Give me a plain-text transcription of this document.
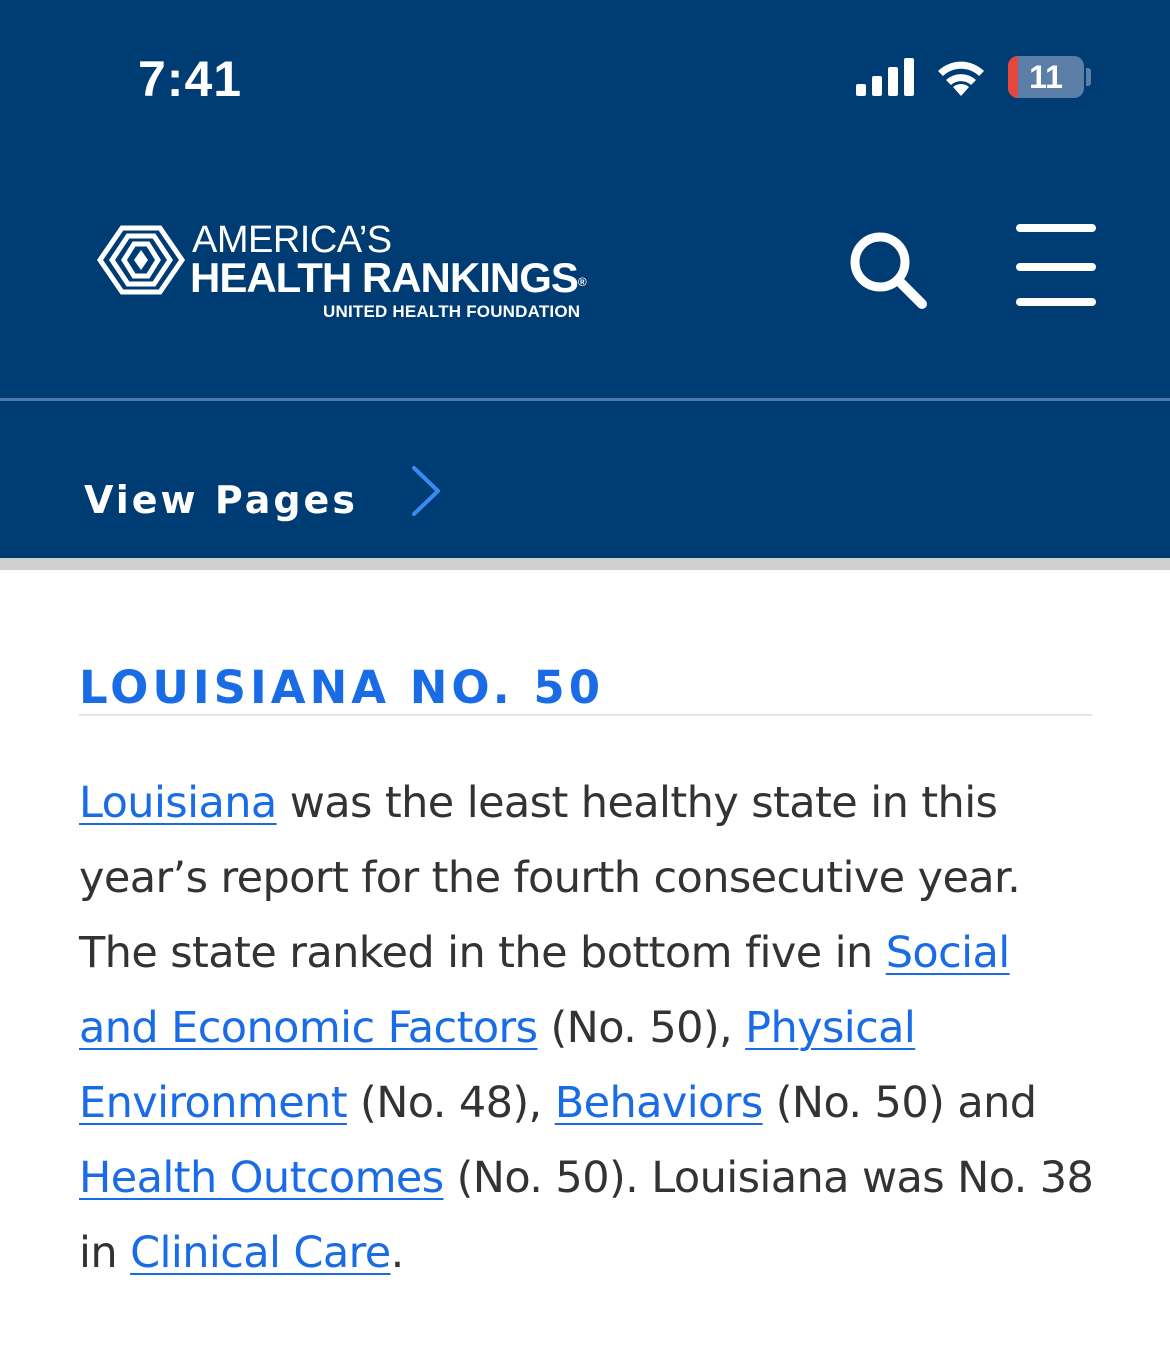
7:41	11
AMERICA’S
HEALTH RANKINGS®
UNITED HEALTH FOUNDATION
View Pages
LOUISIANA NO. 50
Louisiana was the least healthy state in this year’s report for the fourth consecutive year. The state ranked in the bottom five in Social and Economic Factors (No. 50), Physical Environment (No. 48), Behaviors (No. 50) and Health Outcomes (No. 50). Louisiana was No. 38 in Clinical Care.
